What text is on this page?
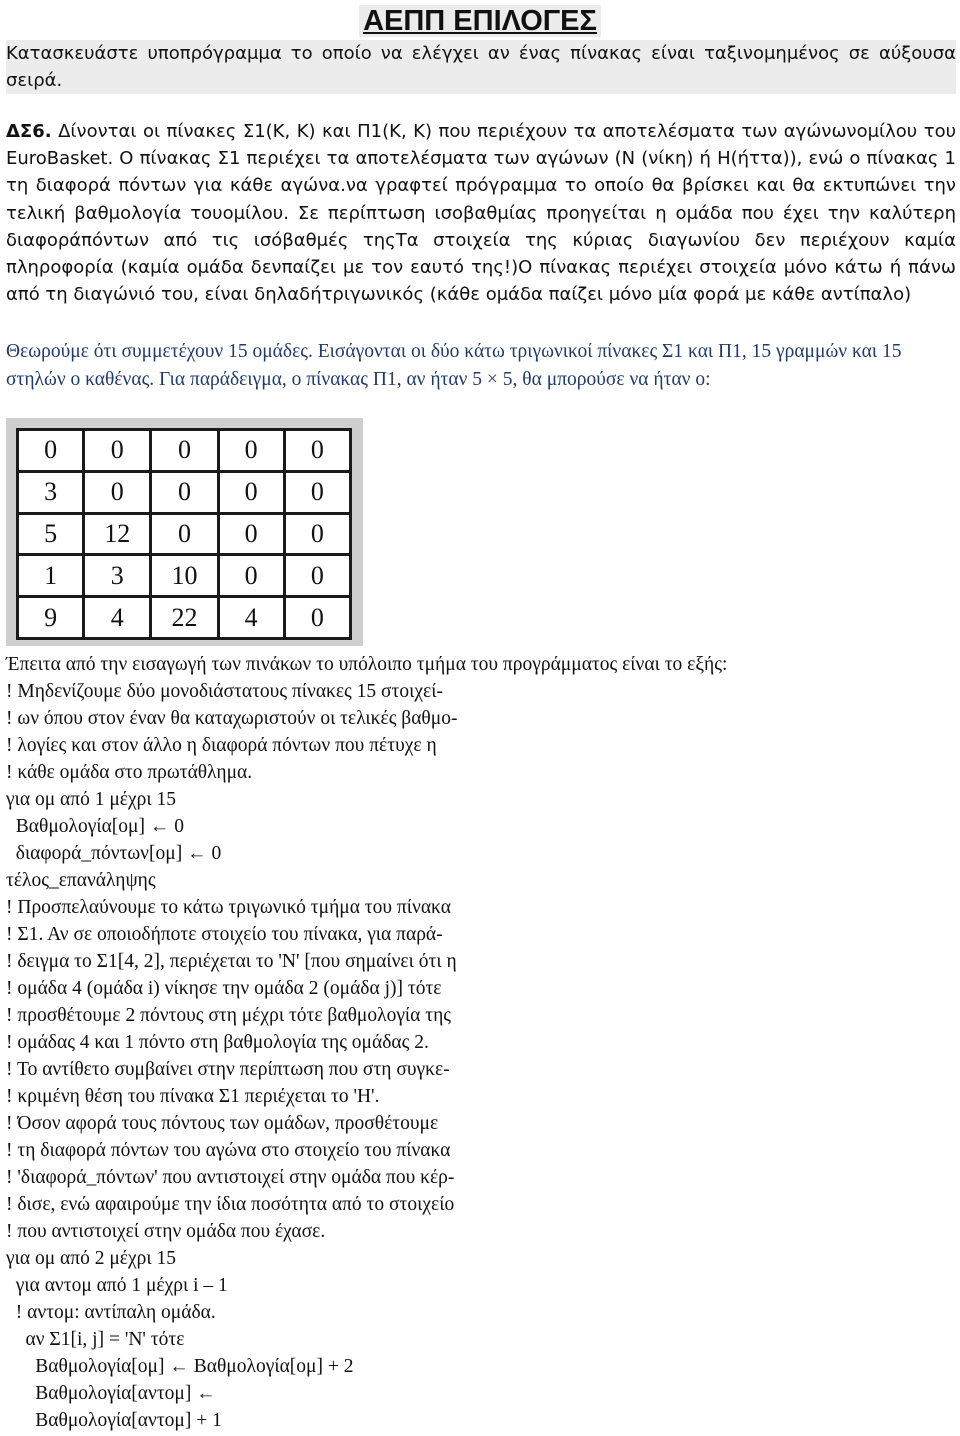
ΑΕΠΠ ΕΠΙΛΟΓΕΣ

Κατασκευάστε υποπρόγραμμα το οποίο να ελέγχει αν ένας πίνακας είναι ταξινομημένος σε αύξουσα σειρά.

ΔΣ6. Δίνονται οι πίνακες Σ1(Κ, Κ) και Π1(Κ, Κ) που περιέχουν τα αποτελέσματα των αγώνωνομίλου του EuroBasket. Ο πίνακας Σ1 περιέχει τα αποτελέσματα των αγώνων (Ν (νίκη) ή Η(ήττα)), ενώ ο πίνακας 1 τη διαφορά πόντων για κάθε αγώνα.να γραφτεί πρόγραμμα το οποίο θα βρίσκει και θα εκτυπώνει την τελική βαθμολογία τουομίλου. Σε περίπτωση ισοβαθμίας προηγείται η ομάδα που έχει την καλύτερη διαφοράπόντων από τις ισόβαθμές τηςΤα στοιχεία της κύριας διαγωνίου δεν περιέχουν καμία πληροφορία (καμία ομάδα δενπαίζει με τον εαυτό της!)Ο πίνακας περιέχει στοιχεία μόνο κάτω ή πάνω από τη διαγώνιό του, είναι δηλαδήτριγωνικός (κάθε ομάδα παίζει μόνο μία φορά με κάθε αντίπαλο)

Θεωρούμε ότι συμμετέχουν 15 ομάδες. Εισάγονται οι δύο κάτω τριγωνικοί πίνακες Σ1 και Π1, 15 γραμμών και 15 στηλών ο καθένας. Για παράδειγμα, ο πίνακας Π1, αν ήταν 5 × 5, θα μπορούσε να ήταν ο:

0	0	0	0	0
3	0	0	0	0
5	12	0	0	0
1	3	10	0	0
9	4	22	4	0
Έπειτα από την εισαγωγή των πινάκων το υπόλοιπο τμήμα του προγράμματος είναι το εξής:
! Μηδενίζουμε δύο μονοδιάστατους πίνακες 15 στοιχεί-
! ων όπου στον έναν θα καταχωριστούν οι τελικές βαθμο-
! λογίες και στον άλλο η διαφορά πόντων που πέτυχε η
! κάθε ομάδα στο πρωτάθλημα.
για ομ από 1 μέχρι 15
Βαθμολογία[ομ] ← 0
διαφορά_πόντων[ομ] ← 0
τέλος_επανάληψης
! Προσπελαύνουμε το κάτω τριγωνικό τμήμα του πίνακα
! Σ1. Αν σε οποιοδήποτε στοιχείο του πίνακα, για παρά-
! δειγμα το Σ1[4, 2], περιέχεται το 'N' [που σημαίνει ότι η
! ομάδα 4 (ομάδα i) νίκησε την ομάδα 2 (ομάδα j)] τότε
! προσθέτουμε 2 πόντους στη μέχρι τότε βαθμολογία της
! ομάδας 4 και 1 πόντο στη βαθμολογία της ομάδας 2.
! Το αντίθετο συμβαίνει στην περίπτωση που στη συγκε-
! κριμένη θέση του πίνακα Σ1 περιέχεται το 'Η'.
! Όσον αφορά τους πόντους των ομάδων, προσθέτουμε
! τη διαφορά πόντων του αγώνα στο στοιχείο του πίνακα
! 'διαφορά_πόντων' που αντιστοιχεί στην ομάδα που κέρ-
! δισε, ενώ αφαιρούμε την ίδια ποσότητα από το στοιχείο
! που αντιστοιχεί στην ομάδα που έχασε.
για ομ από 2 μέχρι 15
για αντομ από 1 μέχρι i – 1
! αντομ: αντίπαλη ομάδα.
αν Σ1[i, j] = 'N' τότε
Βαθμολογία[ομ] ← Βαθμολογία[ομ] + 2
Βαθμολογία[αντομ] ←
Βαθμολογία[αντομ] + 1
